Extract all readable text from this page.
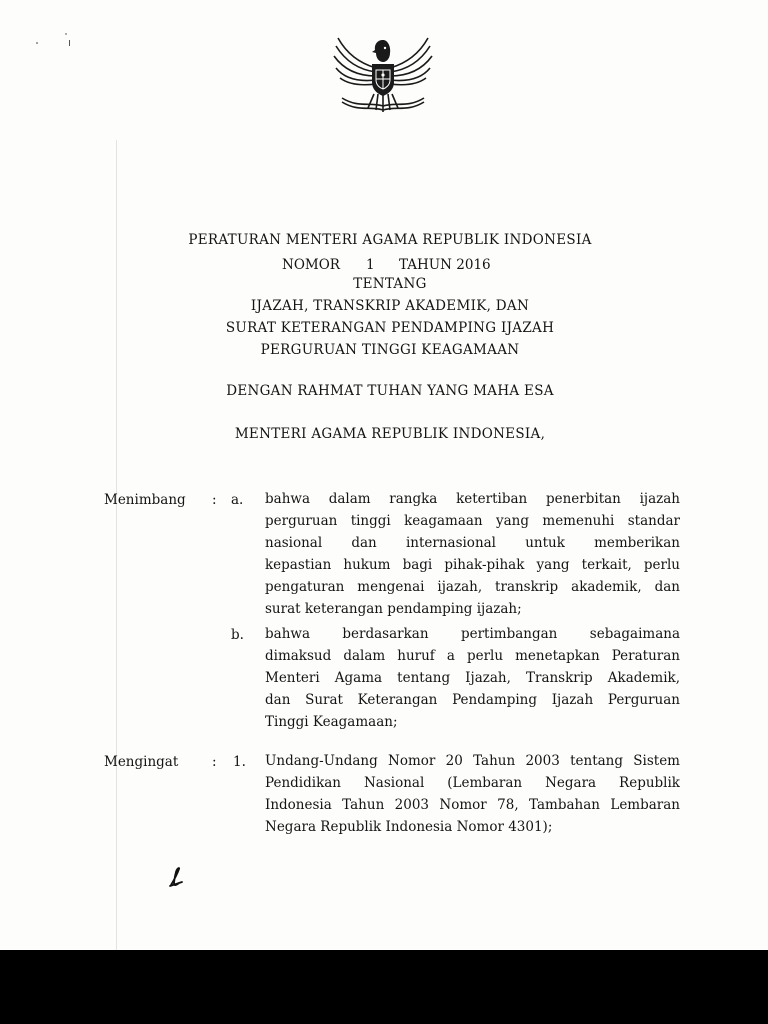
PERATURAN MENTERI AGAMA REPUBLIK INDONESIA
NOMOR 1 TAHUN 2016
TENTANG
IJAZAH, TRANSKRIP AKADEMIK, DAN
SURAT KETERANGAN PENDAMPING IJAZAH
PERGURUAN TINGGI KEAGAMAAN
DENGAN RAHMAT TUHAN YANG MAHA ESA
MENTERI AGAMA REPUBLIK INDONESIA,
Menimbang : a. bahwa dalam rangka ketertiban penerbitan ijazah
perguruan tinggi keagamaan yang memenuhi standar
nasional dan internasional untuk memberikan
kepastian hukum bagi pihak-pihak yang terkait, perlu
pengaturan mengenai ijazah, transkrip akademik, dan
surat keterangan pendamping ijazah;
b. bahwa berdasarkan pertimbangan sebagaimana
dimaksud dalam huruf a perlu menetapkan Peraturan
Menteri Agama tentang Ijazah, Transkrip Akademik,
dan Surat Keterangan Pendamping Ijazah Perguruan
Tinggi Keagamaan;
Mengingat : 1. Undang-Undang Nomor 20 Tahun 2003 tentang Sistem
Pendidikan Nasional (Lembaran Negara Republik
Indonesia Tahun 2003 Nomor 78, Tambahan Lembaran
Negara Republik Indonesia Nomor 4301);
